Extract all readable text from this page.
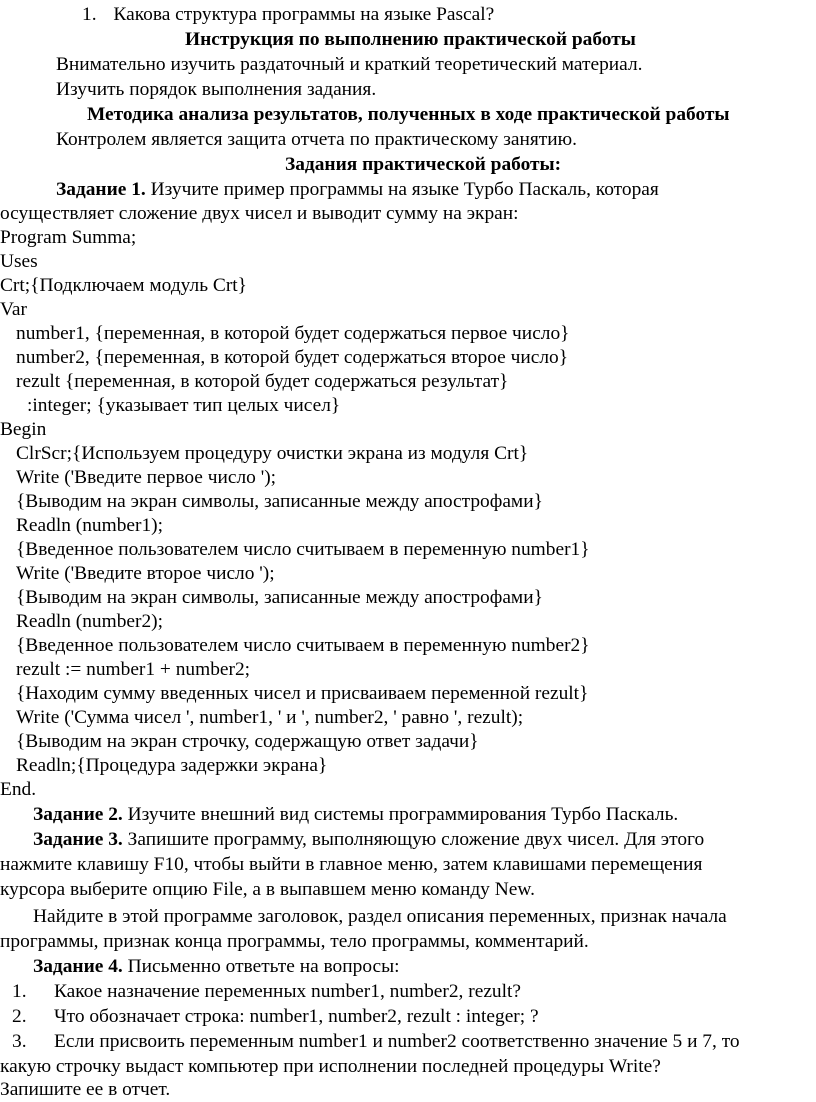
1. Какова структура программы на языке Pascal?
Инструкция по выполнению практической работы
Внимательно изучить раздаточный и краткий теоретический материал.
Изучить порядок выполнения задания.
Методика анализа результатов, полученных в ходе практической работы
Контролем является защита отчета по практическому занятию.
Задания практической работы:
Задание 1. Изучите пример программы на языке Турбо Паскаль, которая
осуществляет сложение двух чисел и выводит сумму на экран:
Program Summa;
Uses
Crt;{Подключаем модуль Crt}
Var
number1, {переменная, в которой будет содержаться первое число}
number2, {переменная, в которой будет содержаться второе число}
rezult {переменная, в которой будет содержаться результат}
:integer; {указывает тип целых чисел}
Begin
ClrScr;{Используем процедуру очистки экрана из модуля Crt}
Write ('Введите первое число ');
{Выводим на экран символы, записанные между апострофами}
Readln (number1);
{Введенное пользователем число считываем в переменную number1}
Write ('Введите второе число ');
{Выводим на экран символы, записанные между апострофами}
Readln (number2);
{Введенное пользователем число считываем в переменную number2}
rezult := number1 + number2;
{Находим сумму введенных чисел и присваиваем переменной rezult}
Write ('Сумма чисел ', number1, ' и ', number2, ' равно ', rezult);
{Выводим на экран строчку, содержащую ответ задачи}
Readln;{Процедура задержки экрана}
End.
Задание 2. Изучите внешний вид системы программирования Турбо Паскаль.
Задание 3. Запишите программу, выполняющую сложение двух чисел. Для этого
нажмите клавишу F10, чтобы выйти в главное меню, затем клавишами перемещения
курсора выберите опцию File, а в выпавшем меню команду New.
Найдите в этой программе заголовок, раздел описания переменных, признак начала
программы, признак конца программы, тело программы, комментарий.
Задание 4. Письменно ответьте на вопросы:
1. Какое назначение переменных number1, number2, rezult?
2. Что обозначает строка: number1, number2, rezult : integer; ?
3. Если присвоить переменным number1 и number2 соответственно значение 5 и 7, то
какую строчку выдаст компьютер при исполнении последней процедуры Write?
Запишите ее в отчет.
